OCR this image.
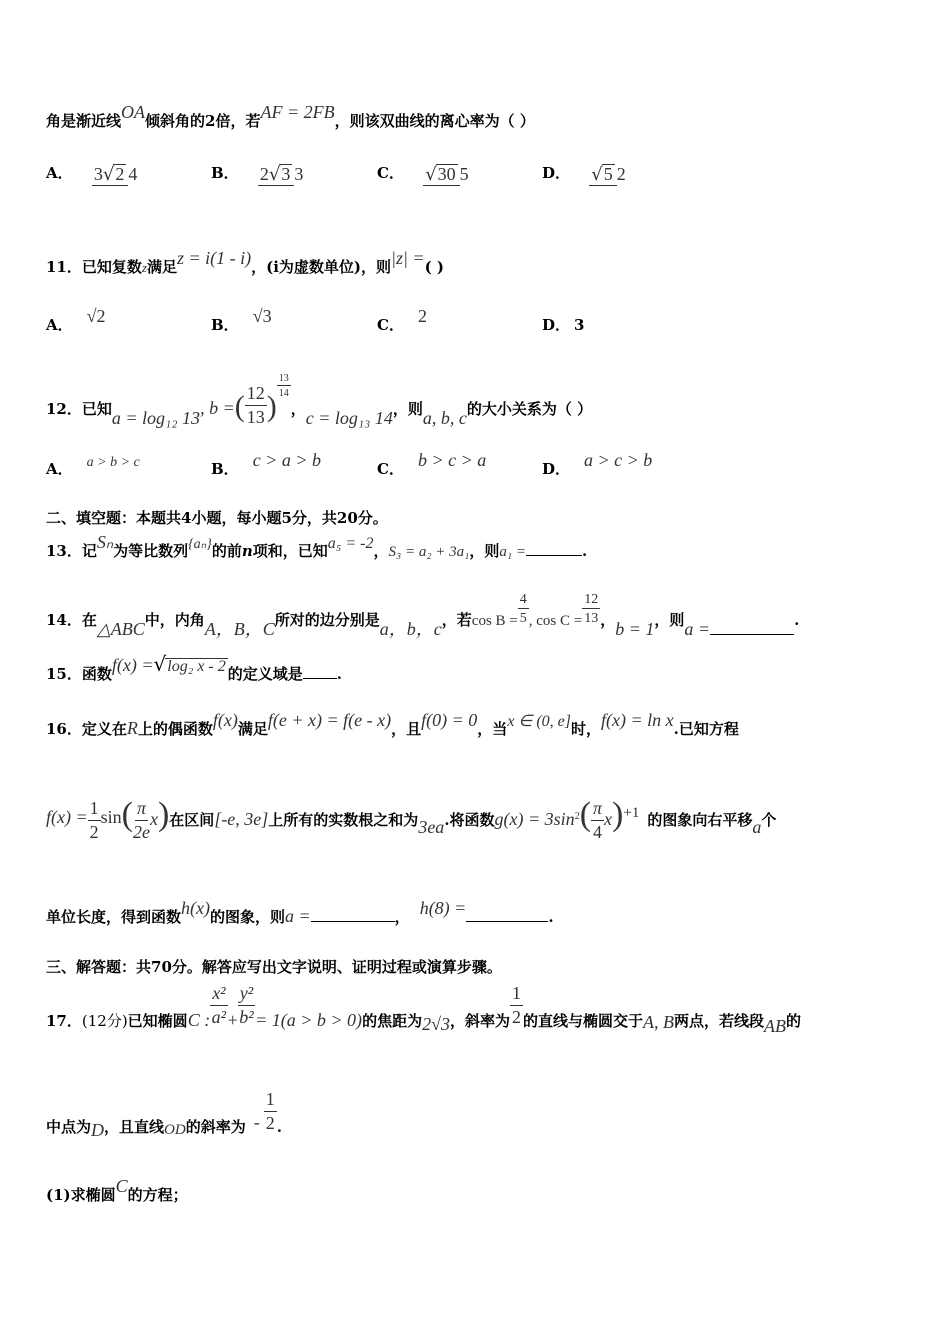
角是渐近线OA倾斜角的2倍，若AF = 2FB，则该双曲线的离心率为（ ）
A． 3√2 4	B． 2√3 3	C． √30 5	D． √5 2
11．已知复数z满足z = i(1 - i)，(i为虚数单位)，则|z| =( )
A． √2	B． √3	C． 2	D． 3
12．已知a = log₁₂ 13, b =( $\frac{12}{13}$ )
$\frac{13}{14}$
，c = log₁₃ 14，则a, b, c的大小关系为（ ）
A． a > b > c	B． c > a > b	C． b > c > a	D． a > c > b
二、填空题：本题共4小题，每小题5分，共20分。
13．记Sₙ为等比数列{aₙ}的前n项和，已知a₅ = -2，S₃ = a₂ + 3a₁，则a₁ =	.
14．在△ABC中，内角A，B，C所对的边分别是a，b，c，若$\cos B = \frac{4}{5}$ , $\cos C = \frac{12}{13}$ ，b = 1，则a =	.
15．函数f(x) =√log₂ x - 2 的定义域是 .
16．定义在R上的偶函数f(x)满足f(e + x) = f(e - x)，且f(0) = 0，当x ∈ (0, e]时，f(x) = ln x.已知方程
$f(x) = \frac{1}{2} \sin( \frac{\pi}{2e} x)$在区间[-e, 3e]上所有的实数根之和为3ea.将函数$g(x) = 3\sin^2( \frac{\pi}{4} x)+1$ 的图象向右平移a个
单位长度，得到函数h(x)的图象，则a =	， h(8) =	.
三、解答题：共70分。解答应写出文字说明、证明过程或演算步骤。
17．(12分)已知椭圆C : $\frac{\text{x²}}{\text{a²}} + \frac{\text{y²}}{\text{b²}} = 1(a > b > 0)$的焦距为2√3，斜率为 $\frac{1}{2}$ 的直线与椭圆交于A, B两点，若线段AB的
中点为D，且直线OD的斜率为 - $\frac{1}{2}$ .
(1)求椭圆C的方程；
